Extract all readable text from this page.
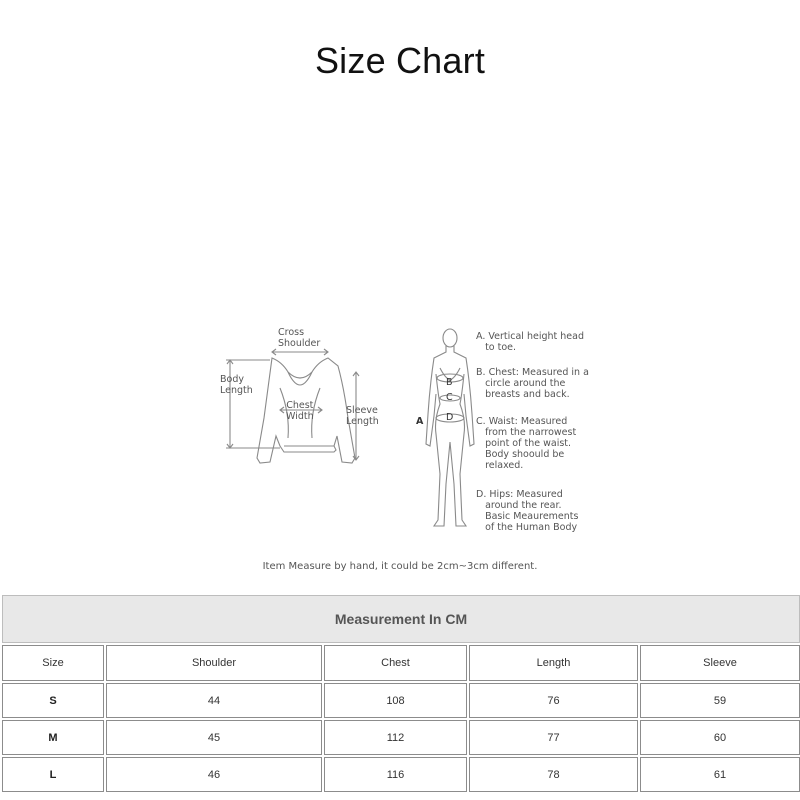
Size Chart
Cross
Shoulder
Body
Length
Chest
Width
Sleeve
Length	A
B
C
D
A. Vertical height head
to toe.
B. Chest: Measured in a
circle around the
breasts and back.
C. Waist: Measured
from the narrowest
point of the waist.
Body shoould be
relaxed.
D. Hips: Measured
around the rear.
Basic Meaurements
of the Human Body
Item Measure by hand, it could be 2cm~3cm different.
Measurement In CM				
Size	Shoulder	Chest	Length	Sleeve
S	44	108	76	59
M	45	112	77	60
L	46	116	78	61
